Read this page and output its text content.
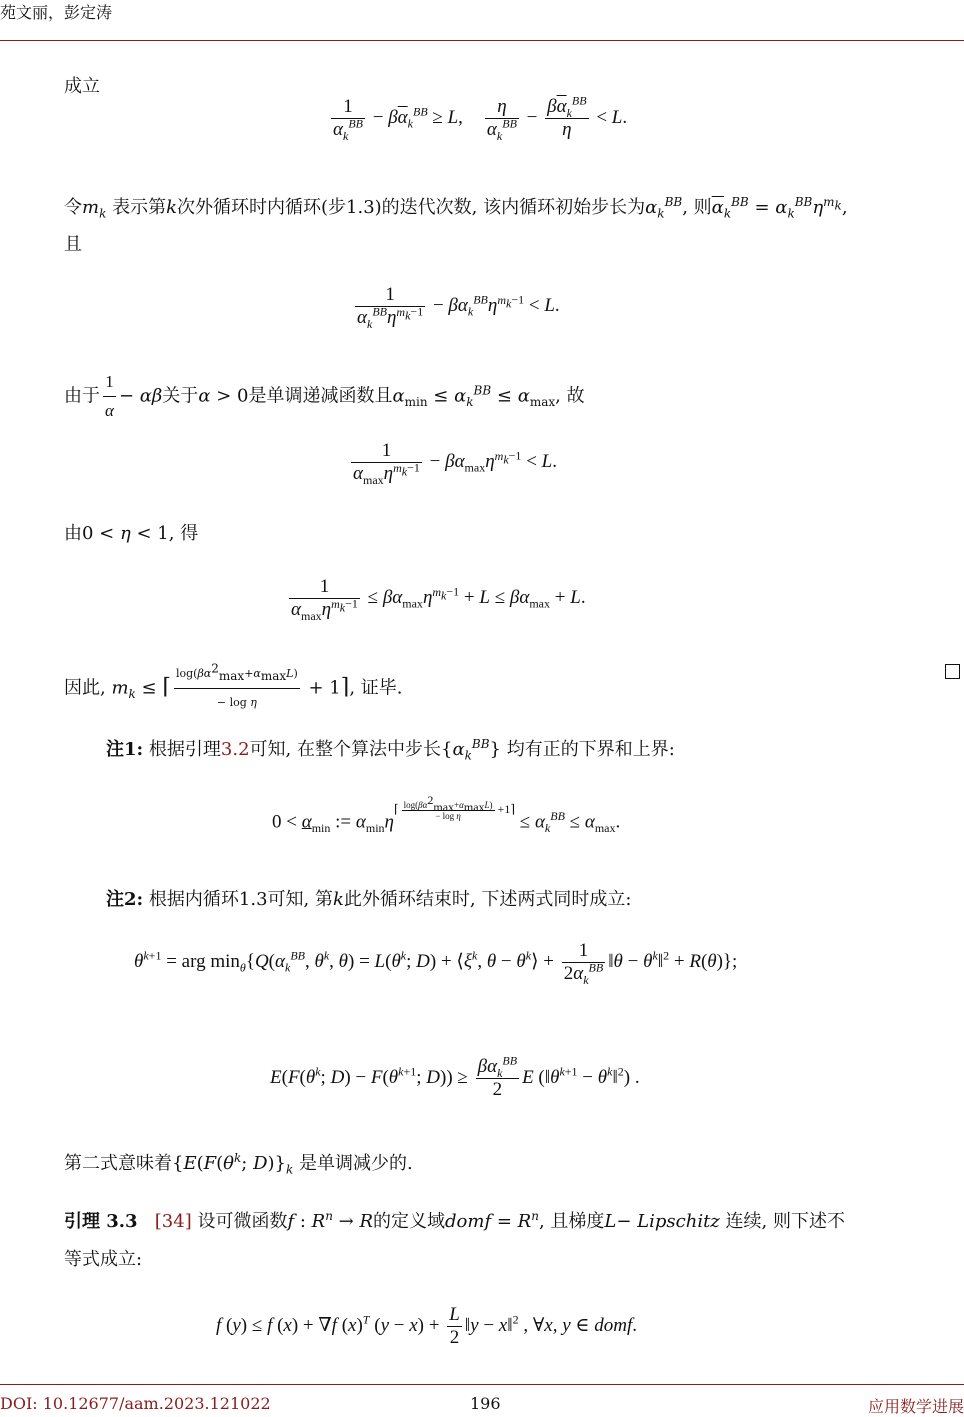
苑文丽，彭定涛
成立
$\frac{1}{\overline{\alpha}_k^{BB}} - \beta\overline{\alpha}_k^{BB} \ge L$, $\frac{\eta}{\overline{\alpha}_k^{BB}} - \frac{\beta\overline{\alpha}_k^{BB}}{\eta} < L$.
令$m_k$ 表示第k次外循环时内循环(步1.3)的迭代次数, 该内循环初始步长为$\alpha_k^{BB}$, 则$\overline{\alpha}_k^{BB} = \alpha_k^{BB}\eta^{m_k}$,
且
$\frac{1}{\alpha_k^{BB}\eta^{m_k-1}} - \beta\alpha_k^{BB}\eta^{m_k-1} < L$.
由于 $\frac{1}{\alpha} - \alpha\beta$关于α > 0是单调递减函数且$\alpha_{min} \le \alpha_k^{BB} \le \alpha_{max}$, 故
$\frac{1}{\alpha_{max}\eta^{m_k-1}} - \beta\alpha_{max}\eta^{m_k-1} < L$.
由0 < η < 1, 得
$\frac{1}{\alpha_{max}\eta^{m_k-1}} \le \beta\alpha_{max}\eta^{m_k-1} + L \le \beta\alpha_{max} + L$.
因此, $m_k$ ≤ ⌈ $\frac{\log(\beta\alpha^2_{max}+\alpha_{max}L)}{\text{− log η}}$ + 1⌉, 证毕.
注1: 根据引理3.2可知, 在整个算法中步长$\{\alpha_k^{BB}\}$ 均有正的下界和上界:
$0 < \alpha_{min}$ := $\alpha_{min}\eta^{⌈ \frac{\log(\beta\alpha^2_{max}+\alpha_{max}L)}{\text{− log η}} +1⌉} \le \alpha_k^{BB} \le \alpha_{max}$.
注2: 根据内循环1.3可知, 第k此外循环结束时, 下述两式同时成立:
$\theta^{k+1}$ = arg $\min_\theta\{Q(\alpha_k^{BB}$, $\theta^k$, $\theta) = L(\theta^k$; $D) + ⟨\xi^k$, $\theta - \theta^k⟩ + \frac{1}{2\alpha_k^{BB}}$ ‖θ − $\theta^k‖^2 + R(\theta)$};
$E(F(\theta^k$; $D) - F(\theta^{k+1}$; $D)) \ge \frac{\beta\alpha_k^{BB}}{2}$ E ($‖\theta^{k+1}$ − $\theta^k‖^2$) .
第二式意味着{$E(F(\theta^k$; $D)\}_k$ 是单调减少的.
引理 3.3 [34] 设可微函数f : $R^n \to R$的定义域domf = $R^n$, 且梯度L− Lipschitz 连续, 则下述不
等式成立:
f (y) ≤ f (x) + ∇f $(x)^T$ $(y - x) + \frac{L}{2}$ ‖y − x‖$^2$ , ∀x, y ∈ domf.
DOI: 10.12677/aam.2023.121022	196	应用数学进展
